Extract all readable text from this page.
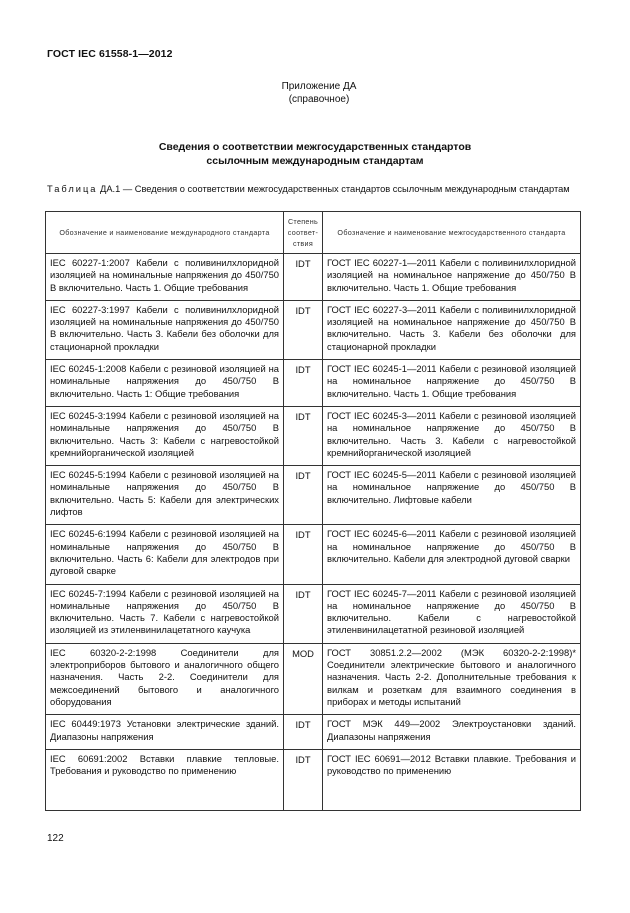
ГОСТ IEC 61558-1—2012
Приложение ДА
(справочное)
Сведения о соответствии межгосударственных стандартов
ссылочным международным стандартам
Таблица ДА.1 — Сведения о соответствии межгосударственных стандартов ссылочным международным стандартам
Обозначение и наименование международного стандарта	Степень соответ- ствия	Обозначение и наименование межгосударственного стандарта
IEC 60227-1:2007 Кабели с поливинилхлоридной изоляцией на номинальные напряжения до 450/750 В включительно. Часть 1. Общие требования	IDT	ГОСТ IEC 60227-1—2011 Кабели с поливинилхлоридной изоляцией на номинальное напряжение до 450/750 В включительно. Часть 1. Общие требования
IEC 60227-3:1997 Кабели с поливинилхлоридной изоляцией на номинальные напряжения до 450/750 В включительно. Часть 3. Кабели без оболочки для стационарной прокладки	IDT	ГОСТ IEC 60227-3—2011 Кабели с поливинилхлоридной изоляцией на номинальное напряжение до 450/750 В включительно. Часть 3. Кабели без оболочки для стационарной прокладки
IEC 60245-1:2008 Кабели с резиновой изоляцией на номинальные напряжения до 450/750 В включительно. Часть 1: Общие требования	IDT	ГОСТ IEC 60245-1—2011 Кабели с резиновой изоляцией на номинальное напряжение до 450/750 В включительно. Часть 1. Общие требования
IEC 60245-3:1994 Кабели с резиновой изоляцией на номинальные напряжения до 450/750 В включительно. Часть 3: Кабели с нагревостойкой кремнийорганической изоляцией	IDT	ГОСТ IEC 60245-3—2011 Кабели с резиновой изоляцией на номинальное напряжение до 450/750 В включительно. Часть 3. Кабели с нагревостойкой кремнийорганической изоляцией
IEC 60245-5:1994 Кабели с резиновой изоляцией на номинальные напряжения до 450/750 В включительно. Часть 5: Кабели для электрических лифтов	IDT	ГОСТ IEC 60245-5—2011 Кабели с резиновой изоляцией на номинальное напряжение до 450/750 В включительно. Лифтовые кабели
IEC 60245-6:1994 Кабели с резиновой изоляцией на номинальные напряжения до 450/750 В включительно. Часть 6: Кабели для электродов при дуговой сварке	IDT	ГОСТ IEC 60245-6—2011 Кабели с резиновой изоляцией на номинальное напряжение до 450/750 В включительно. Кабели для электродной дуговой сварки
IEC 60245-7:1994 Кабели с резиновой изоляцией на номинальные напряжения до 450/750 В включительно. Часть 7. Кабели с нагревостойкой изоляцией из этиленвинилацетатного каучука	IDT	ГОСТ IEC 60245-7—2011 Кабели с резиновой изоляцией на номинальное напряжение до 450/750 В включительно. Кабели с нагревостойкой этиленвинилацетатной резиновой изоляцией
IEC 60320-2-2:1998 Соединители для электроприборов бытового и аналогичного общего назначения. Часть 2-2. Соединители для межсоединений бытового и аналогичного оборудования	MOD	ГОСТ 30851.2.2—2002 (МЭК 60320-2-2:1998)* Соединители электрические бытового и аналогичного назначения. Часть 2-2. Дополнительные требования к вилкам и розеткам для взаимного соединения в приборах и методы испытаний
IEC 60449:1973 Установки электрические зданий. Диапазоны напряжения	IDT	ГОСТ МЭК 449—2002 Электроустановки зданий. Диапазоны напряжения
IEC 60691:2002 Вставки плавкие тепловые. Требования и руководство по применению	IDT	ГОСТ IEC 60691—2012 Вставки плавкие. Требования и руководство по применению
122
